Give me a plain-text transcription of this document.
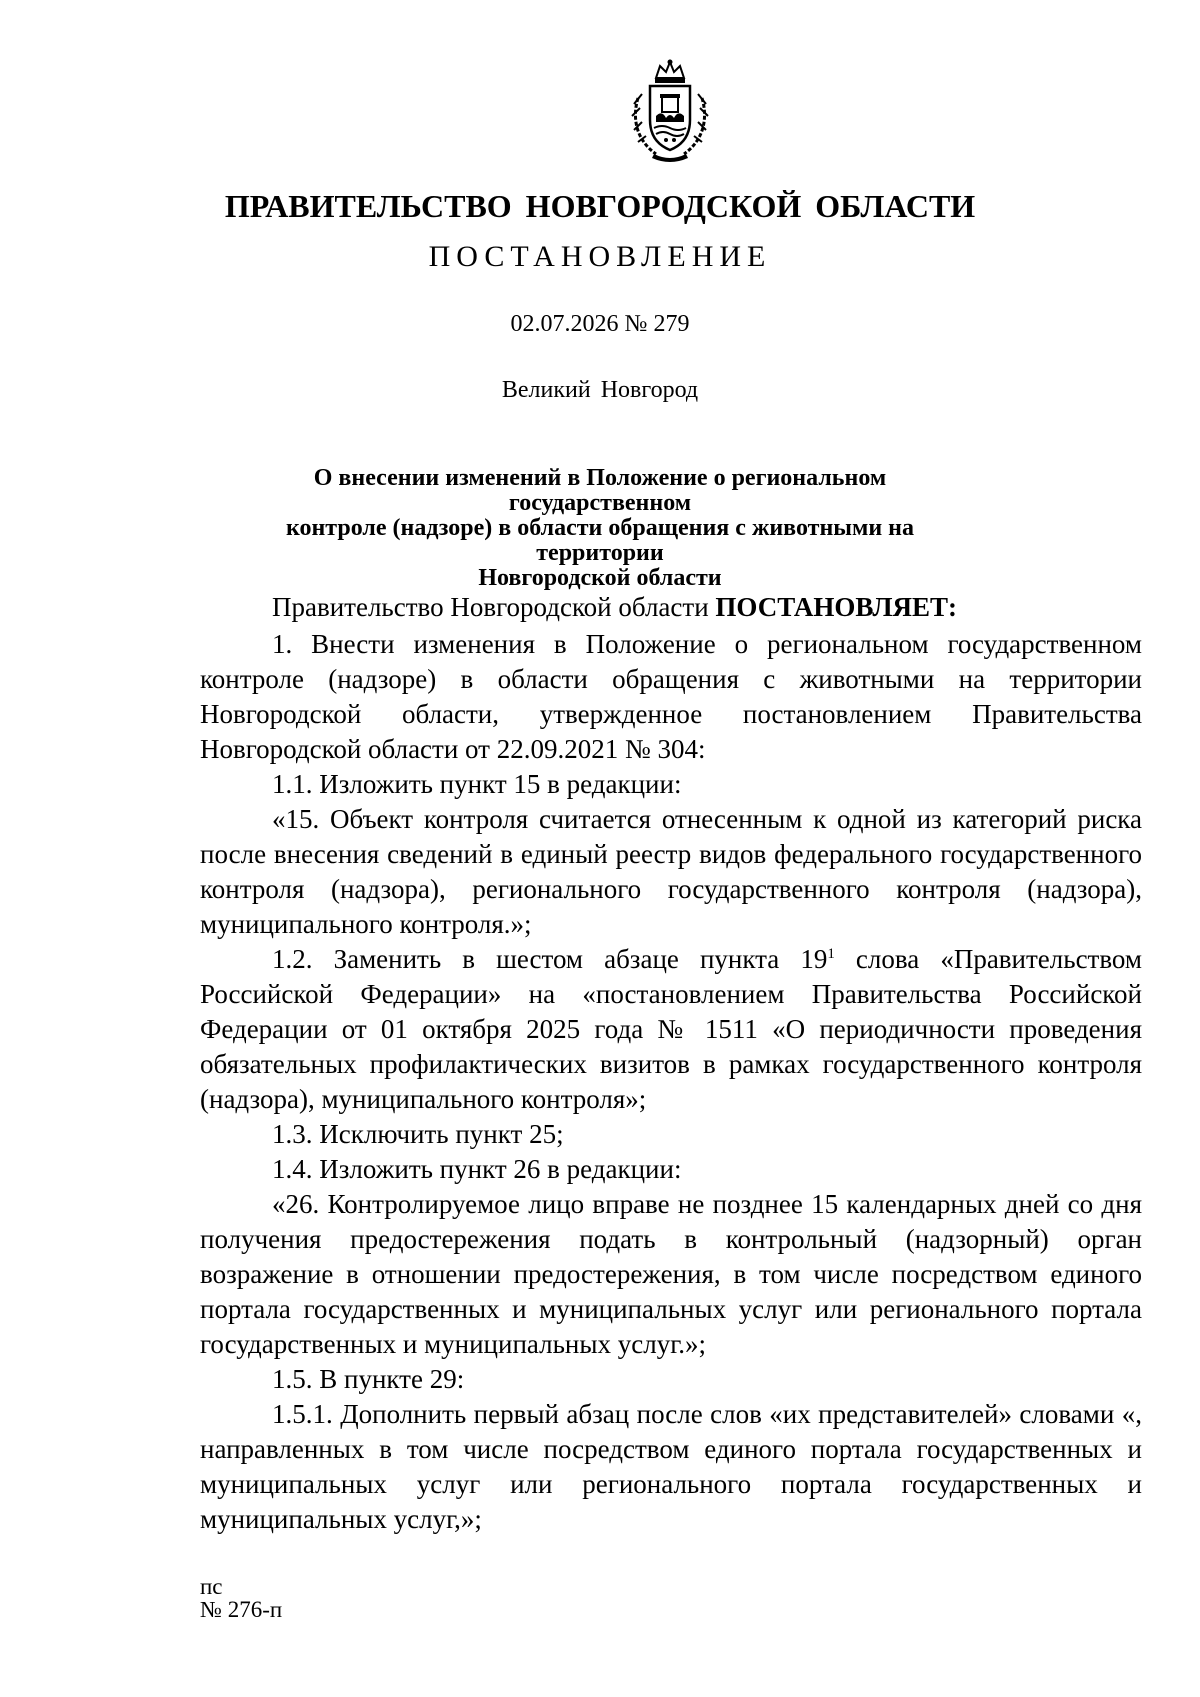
ПРАВИТЕЛЬСТВО НОВГОРОДСКОЙ ОБЛАСТИ
ПОСТАНОВЛЕНИЕ
02.07.2026 № 279
Великий Новгород
О внесении изменений в Положение о региональном государственном
контроле (надзоре) в области обращения с животными на территории
Новгородской области

Правительство Новгородской области ПОСТАНОВЛЯЕТ:

1. Внести изменения в Положение о региональном государственном контроле (надзоре) в области обращения с животными на территории Новгородской области, утвержденное постановлением Правительства Новгородской области от 22.09.2021 № 304:

1.1. Изложить пункт 15 в редакции:

«15. Объект контроля считается отнесенным к одной из категорий риска после внесения сведений в единый реестр видов федерального государственного контроля (надзора), регионального государственного контроля (надзора), муниципального контроля.»;

1.2. Заменить в шестом абзаце пункта $19^1$ слова «Правительством Российской Федерации» на «постановлением Правительства Российской Федерации от 01 октября 2025 года № 1511 «О периодичности проведения обязательных профилактических визитов в рамках государственного контроля (надзора), муниципального контроля»;

1.3. Исключить пункт 25;

1.4. Изложить пункт 26 в редакции:

«26. Контролируемое лицо вправе не позднее 15 календарных дней со дня получения предостережения подать в контрольный (надзорный) орган возражение в отношении предостережения, в том числе посредством единого портала государственных и муниципальных услуг или регионального портала государственных и муниципальных услуг.»;

1.5. В пункте 29:

1.5.1. Дополнить первый абзац после слов «их представителей» словами «, направленных в том числе посредством единого портала государственных и муниципальных услуг или регионального портала государственных и муниципальных услуг,»;

пс
№ 276-п
